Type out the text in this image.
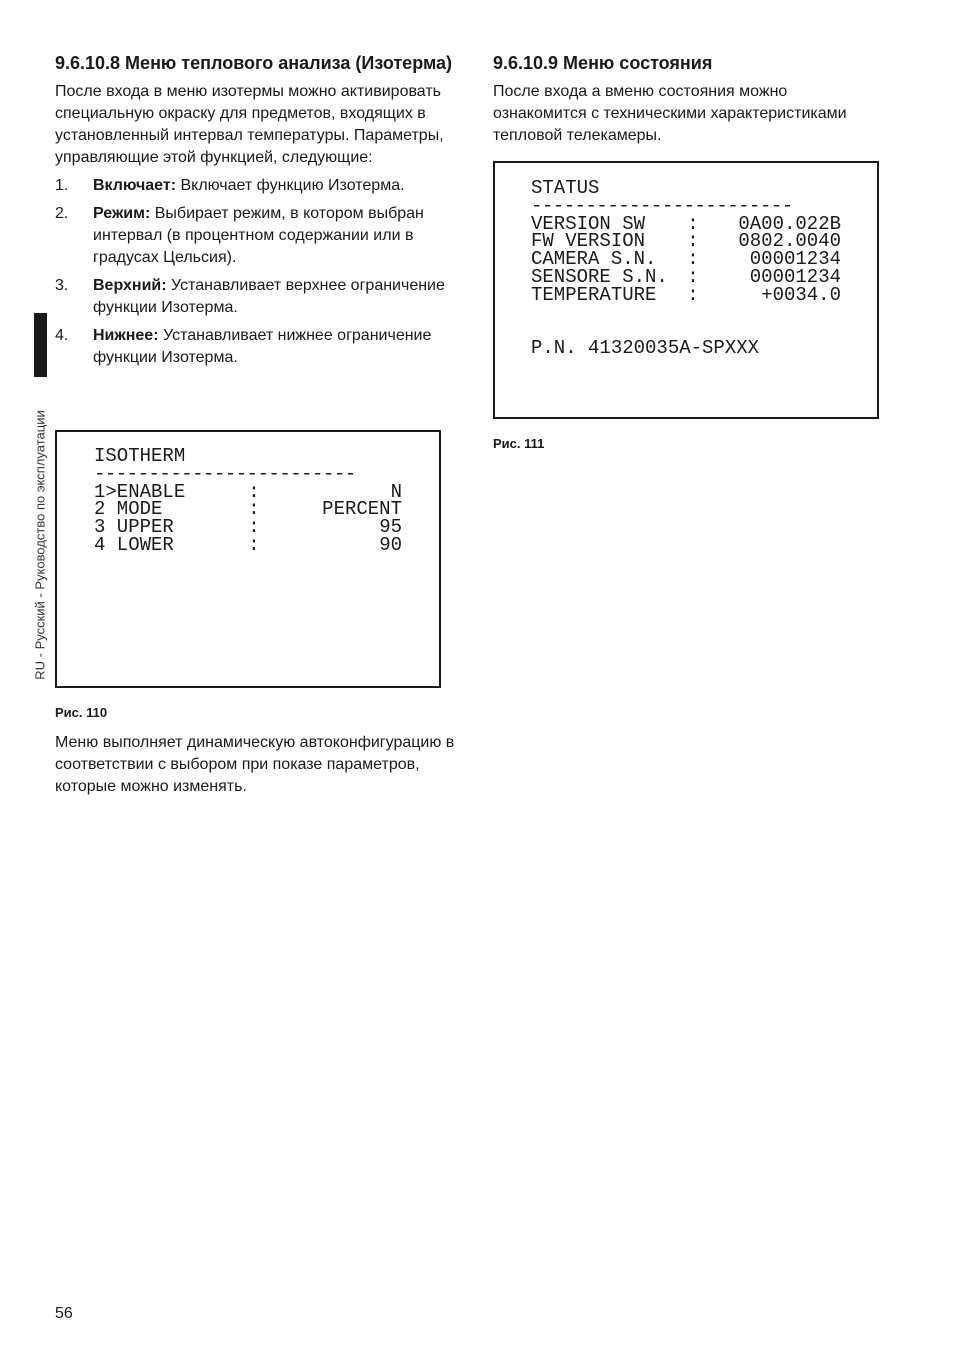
RU - Русский - Руководство по эксплуатации
9.6.10.8 Меню теплового анализа (Изотерма)

После входа в меню изотермы можно активировать специальную окраску для предметов, входящих в установленный интервал температуры. Параметры, управляющие этой функцией, следующие:

1. Включает: Включает функцию Изотерма.
2. Режим: Выбирает режим, в котором выбран интервал (в процентном содержании или в градусах Цельсия).
3. Верхний: Устанавливает верхнее ограничение функции Изотерма.
4. Нижнее: Устанавливает нижнее ограничение функции Изотерма.
ISOTHERM
------------------------
1>ENABLE	:	N
2 MODE	:	PERCENT
3 UPPER	:	95
4 LOWER	:	90
Рис. 110

Меню выполняет динамическую автоконфигурацию в соответствии с выбором при показе параметров, которые можно изменять.

9.6.10.9 Меню состояния

После входа а вменю состояния можно ознакомится с техническими характеристиками тепловой телекамеры.

STATUS
------------------------
VERSION SW	:	0A00.022B
FW VERSION	:	0802.0040
CAMERA S.N.	:	00001234
SENSORE S.N.	:	00001234
TEMPERATURE	:	+0034.0
P.N. 41320035A-SPXXX
Рис. 111
56
